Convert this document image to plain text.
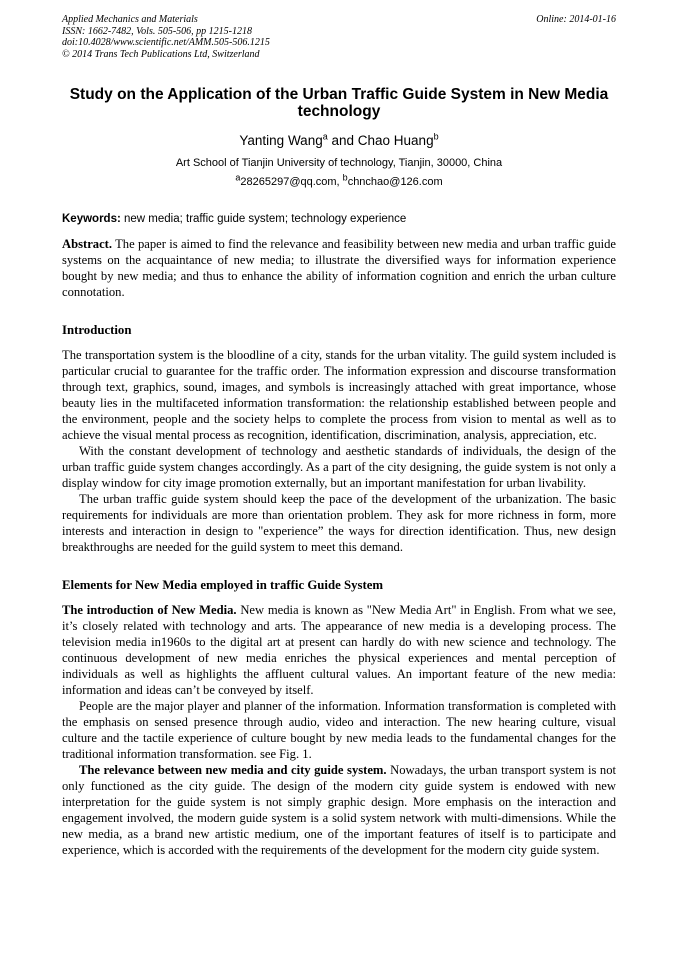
Applied Mechanics and Materials
ISSN: 1662-7482, Vols. 505-506, pp 1215-1218
doi:10.4028/www.scientific.net/AMM.505-506.1215
© 2014 Trans Tech Publications Ltd, Switzerland
Online: 2014-01-16
Study on the Application of the Urban Traffic Guide System in New Media technology
Yanting Wang$^a$ and Chao Huang$^b$
Art School of Tianjin University of technology, Tianjin, 30000, China
$^a$28265297@qq.com, $^b$chnchao@126.com

Keywords: new media; traffic guide system; technology experience

Abstract. The paper is aimed to find the relevance and feasibility between new media and urban traffic guide systems on the acquaintance of new media; to illustrate the diversified ways for information experience bought by new media; and thus to enhance the ability of information cognition and enrich the urban culture connotation.

Introduction

The transportation system is the bloodline of a city, stands for the urban vitality. The guild system included is particular crucial to guarantee for the traffic order. The information expression and discourse transformation through text, graphics, sound, images, and symbols is increasingly attached with great importance, whose beauty lies in the multifaceted information transformation: the relationship established between people and the environment, people and the society helps to complete the process from vision to mental as well as to achieve the visual mental process as recognition, identification, discrimination, analysis, appreciation, etc.

With the constant development of technology and aesthetic standards of individuals, the design of the urban traffic guide system changes accordingly. As a part of the city designing, the guide system is not only a display window for city image promotion externally, but an important manifestation for urban livability.

The urban traffic guide system should keep the pace of the development of the urbanization. The basic requirements for individuals are more than orientation problem. They ask for more richness in form, more interests and interaction in design to "experience” the ways for direction identification. Thus, new design breakthroughs are needed for the guild system to meet this demand.

Elements for New Media employed in traffic Guide System

The introduction of New Media. New media is known as "New Media Art" in English. From what we see, it’s closely related with technology and arts. The appearance of new media is a developing process. The television media in1960s to the digital art at present can hardly do with new science and technology. The continuous development of new media enriches the physical experiences and mental perception of individuals as well as highlights the affluent cultural values. An important feature of the new media: information and ideas can’t be conveyed by itself.

People are the major player and planner of the information. Information transformation is completed with the emphasis on sensed presence through audio, video and interaction. The new hearing culture, visual culture and the tactile experience of culture bought by new media leads to the fundamental changes for the traditional information transformation. see Fig. 1.

The relevance between new media and city guide system. Nowadays, the urban transport system is not only functioned as the city guide. The design of the modern city guide system is endowed with new interpretation for the guide system is not simply graphic design. More emphasis on the interaction and engagement involved, the modern guide system is a solid system network with multi-dimensions. While the new media, as a brand new artistic medium, one of the important features of itself is to participate and experience, which is accorded with the requirements of the development for the modern city guide system.
